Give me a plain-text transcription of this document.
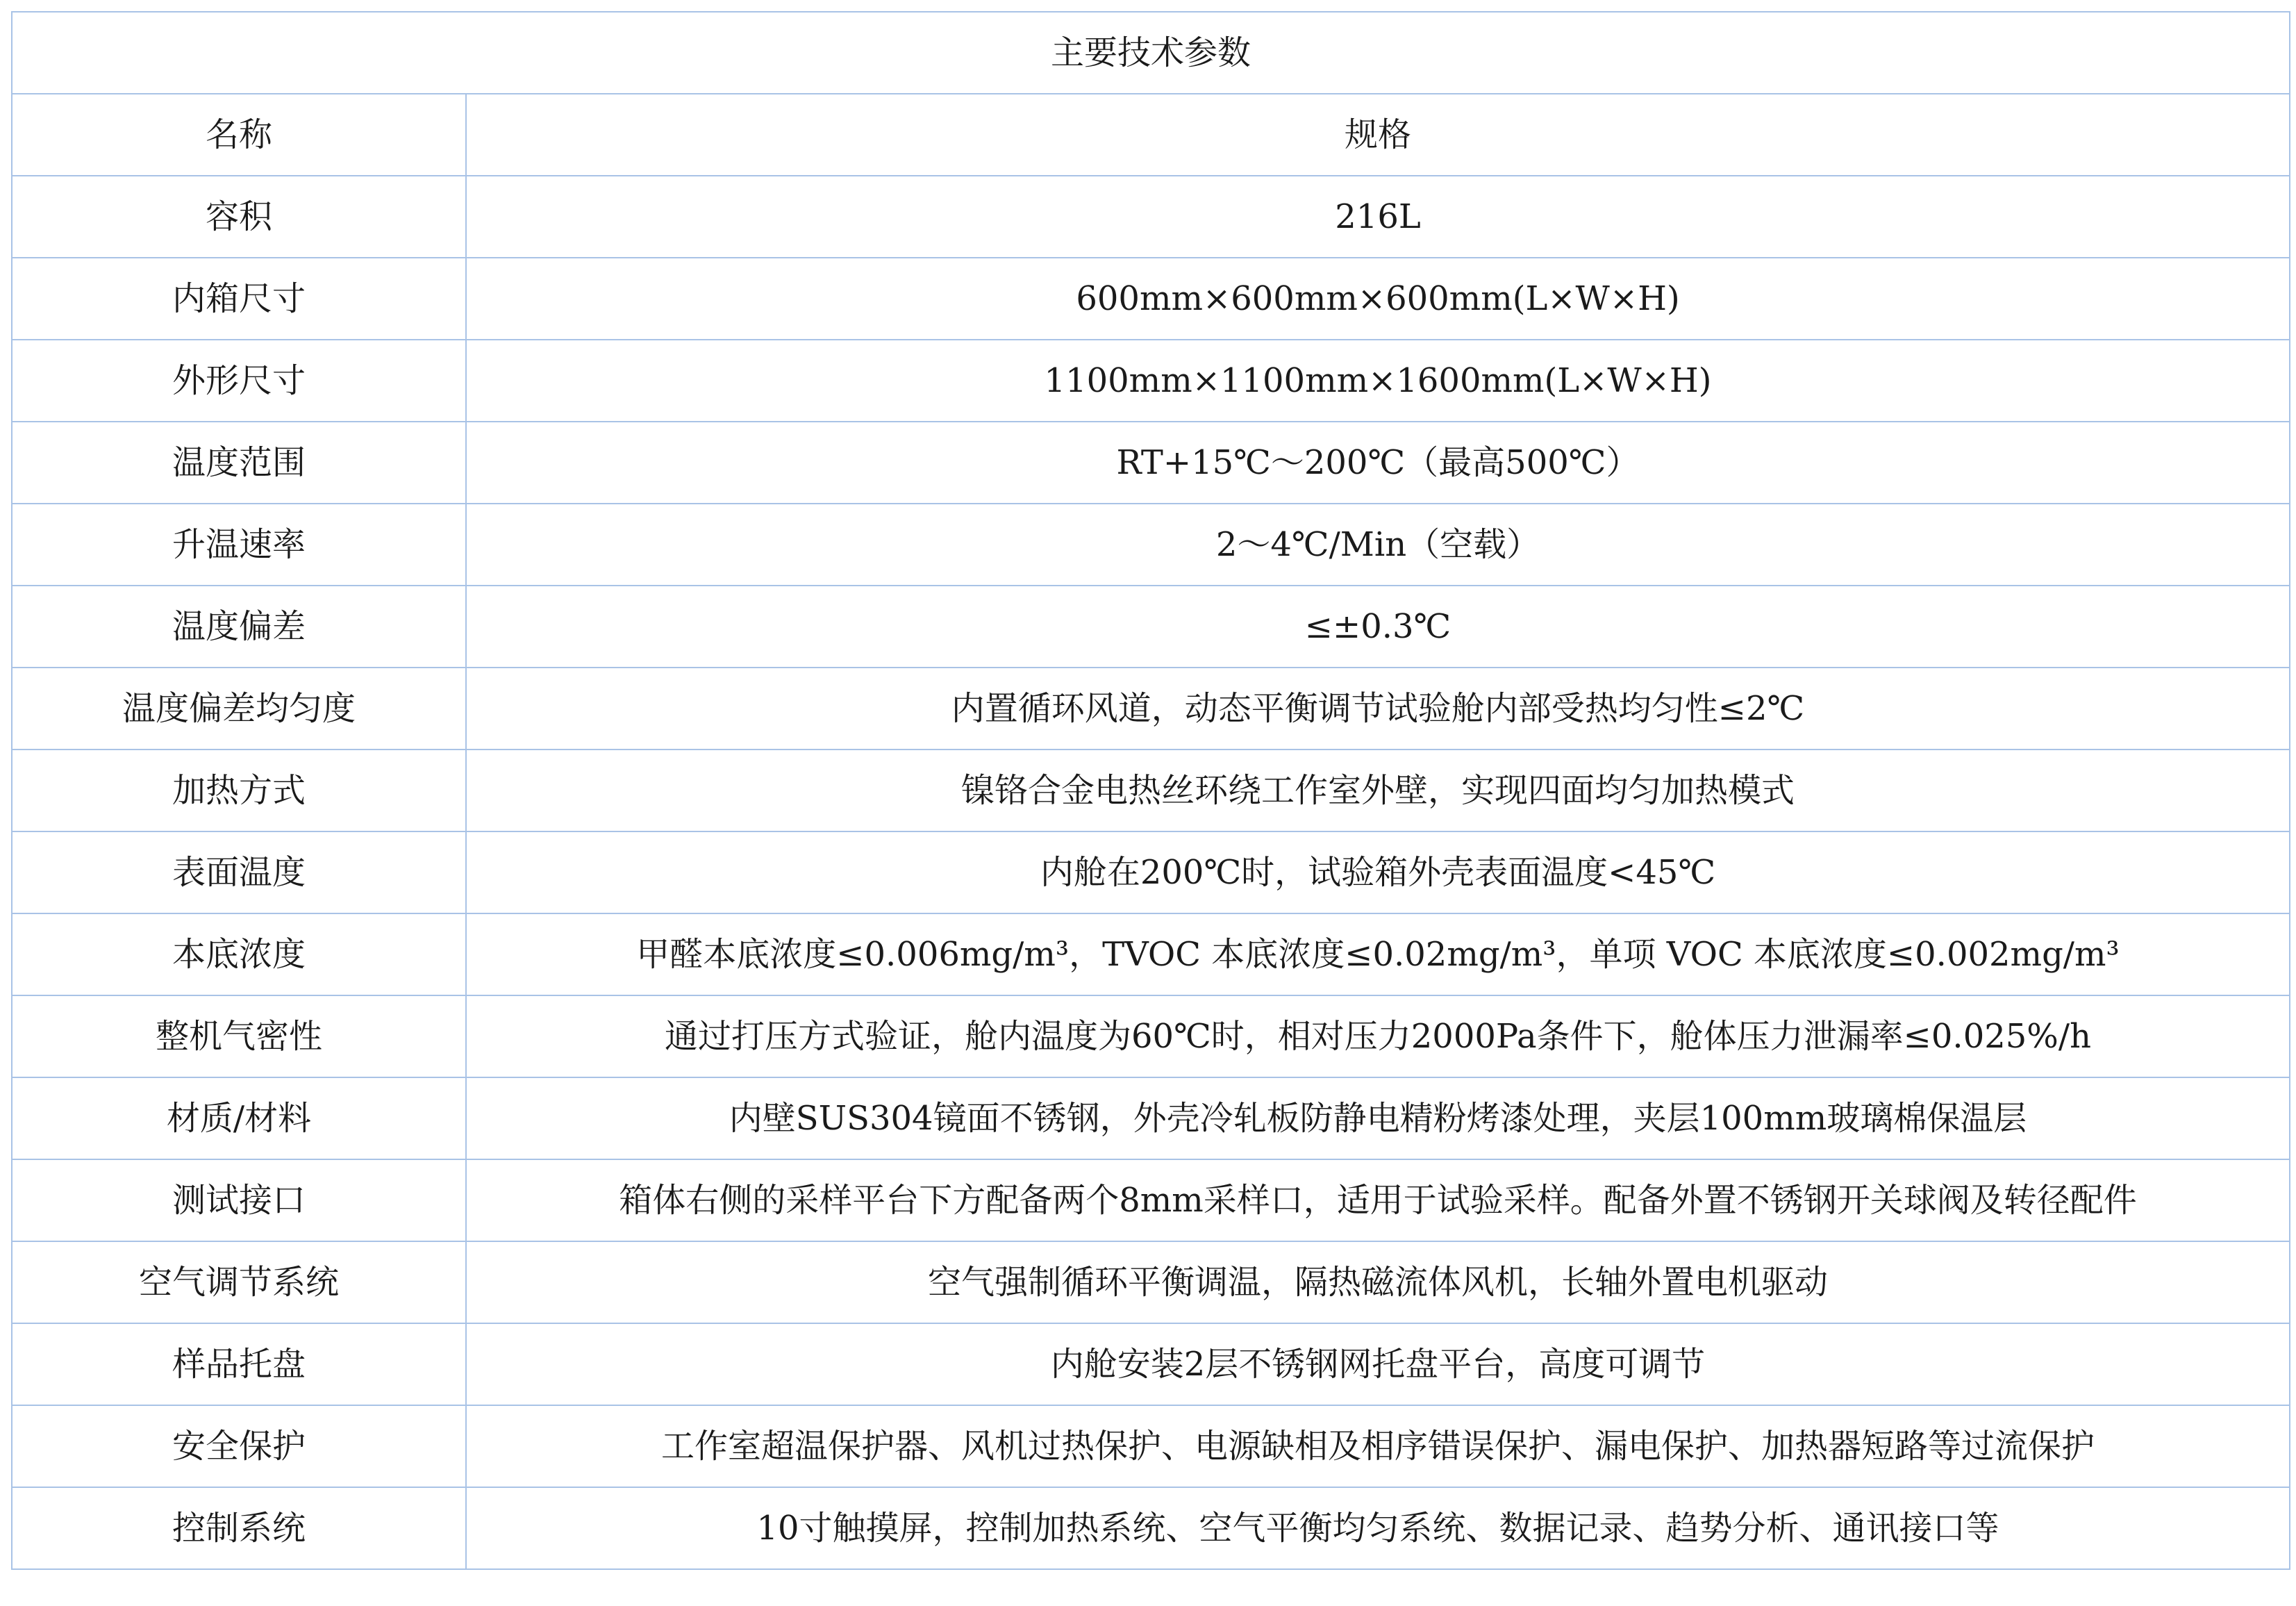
主要技术参数	
名称	规格
容积	216L
内箱尺寸	600mm×600mm×600mm(L×W×H)
外形尺寸	1100mm×1100mm×1600mm(L×W×H)
温度范围	RT+15℃～200℃（最高500℃）
升温速率	2～4℃/Min（空载）
温度偏差	≤±0.3℃
温度偏差均匀度	内置循环风道，动态平衡调节试验舱内部受热均匀性≤2℃
加热方式	镍铬合金电热丝环绕工作室外壁，实现四面均匀加热模式
表面温度	内舱在200℃时，试验箱外壳表面温度<45℃
本底浓度	甲醛本底浓度≤0.006mg/m³，TVOC 本底浓度≤0.02mg/m³，单项 VOC 本底浓度≤0.002mg/m³
整机气密性	通过打压方式验证，舱内温度为60℃时，相对压力2000Pa条件下，舱体压力泄漏率≤0.025%/h
材质/材料	内壁SUS304镜面不锈钢，外壳冷轧板防静电精粉烤漆处理，夹层100mm玻璃棉保温层
测试接口	箱体右侧的采样平台下方配备两个8mm采样口，适用于试验采样。配备外置不锈钢开关球阀及转径配件
空气调节系统	空气强制循环平衡调温，隔热磁流体风机，长轴外置电机驱动
样品托盘	内舱安装2层不锈钢网托盘平台，高度可调节
安全保护	工作室超温保护器、风机过热保护、电源缺相及相序错误保护、漏电保护、加热器短路等过流保护
控制系统	10寸触摸屏，控制加热系统、空气平衡均匀系统、数据记录、趋势分析、通讯接口等
